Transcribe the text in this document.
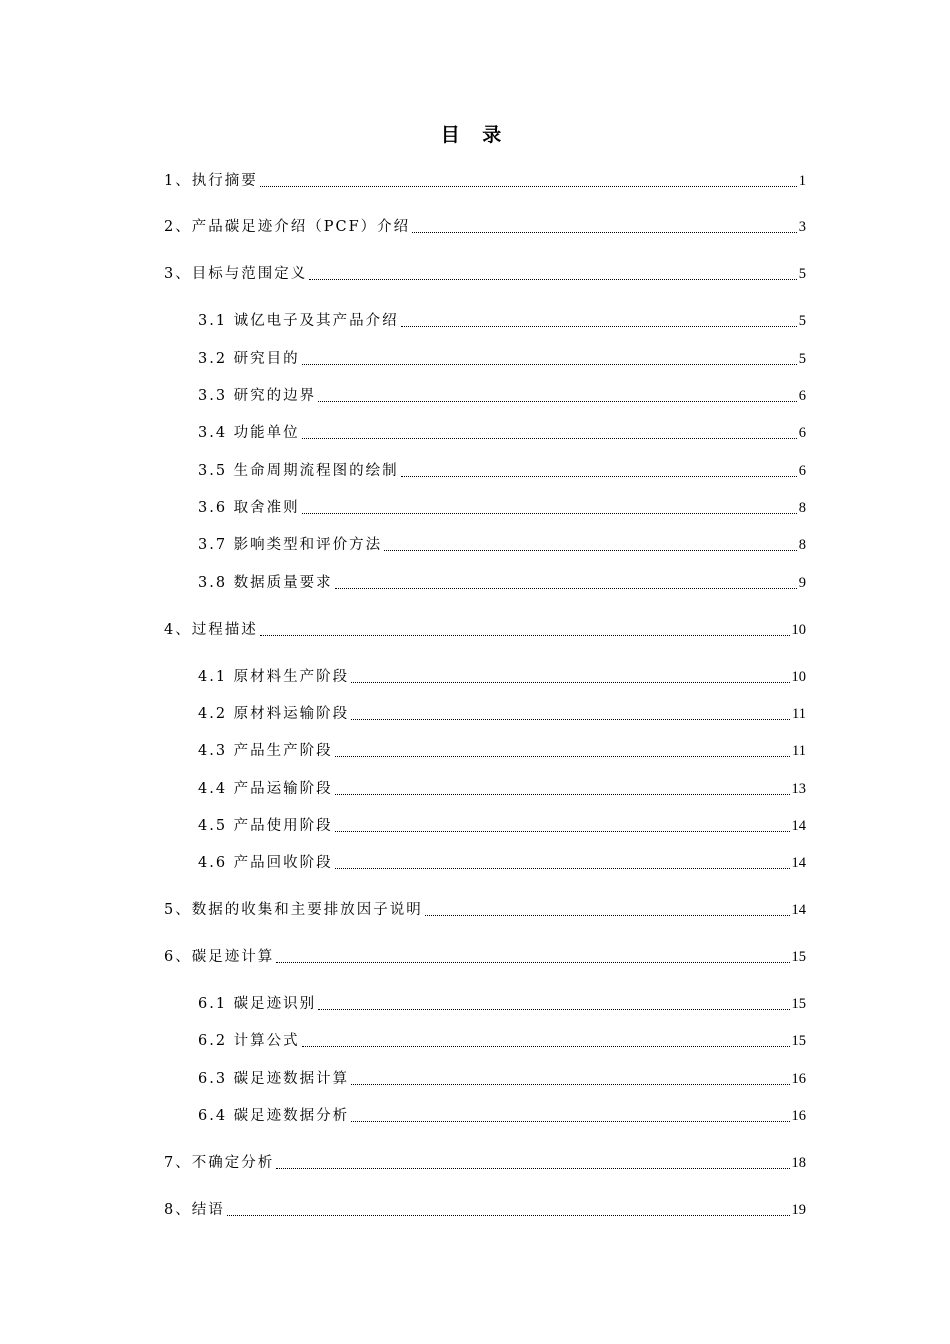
目 录
1、执行摘要	1
2、产品碳足迹介绍（PCF）介绍	3
3、目标与范围定义	5
3.1 诚亿电子及其产品介绍	5
3.2 研究目的	5
3.3 研究的边界	6
3.4 功能单位	6
3.5 生命周期流程图的绘制	6
3.6 取舍准则	8
3.7 影响类型和评价方法	8
3.8 数据质量要求	9
4、过程描述	10
4.1 原材料生产阶段	10
4.2 原材料运输阶段	11
4.3 产品生产阶段	11
4.4 产品运输阶段	13
4.5 产品使用阶段	14
4.6 产品回收阶段	14
5、数据的收集和主要排放因子说明	14
6、碳足迹计算	15
6.1 碳足迹识别	15
6.2 计算公式	15
6.3 碳足迹数据计算	16
6.4 碳足迹数据分析	16
7、不确定分析	18
8、结语	19
